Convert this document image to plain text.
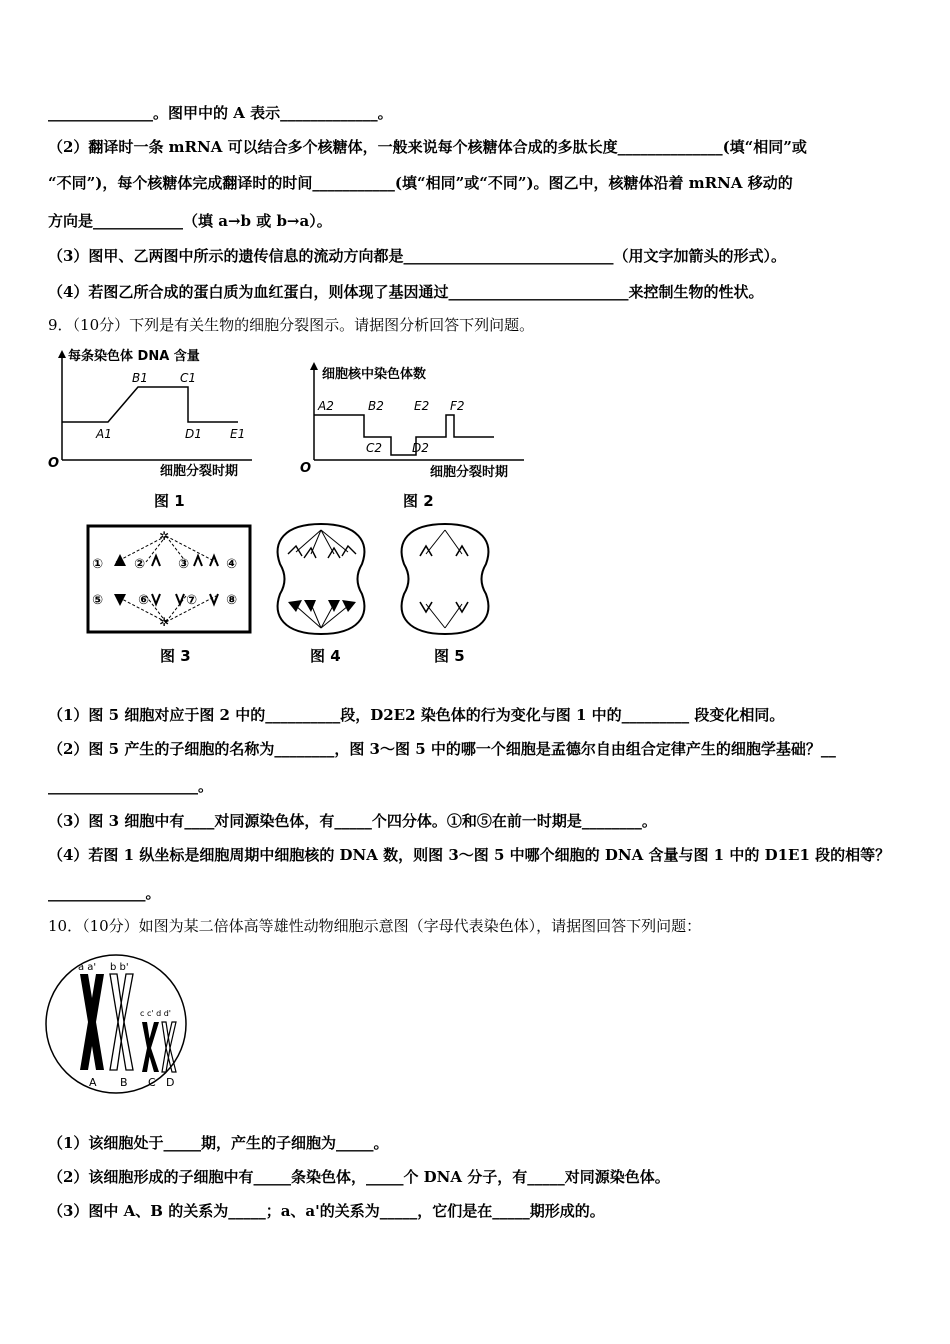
______________。图甲中的 A 表示_____________。
（2）翻译时一条 mRNA 可以结合多个核糖体，一般来说每个核糖体合成的多肽长度______________(填“相同”或
“不同”)，每个核糖体完成翻译时的时间___________(填“相同”或“不同”)。图乙中，核糖体沿着 mRNA 移动的
方向是____________（填 a→b 或 b→a）。
（3）图甲、乙两图中所示的遗传信息的流动方向都是____________________________（用文字加箭头的形式）。
（4）若图乙所合成的蛋白质为血红蛋白，则体现了基因通过________________________来控制生物的性状。
9．（10分）下列是有关生物的细胞分裂图示。请据图分析回答下列问题。
每条染色体 DNA 含量
O
A1
B1	C1
D1 E1
细胞分裂时期
图 1
细胞核中染色体数
O
A2	B2
C2 D2
E2 F2
细胞分裂时期
图 2
✲
✲
① ②	③	④
⑤	⑥	⑦ ⑧
图 3	图 4	图 5
（1）图 5 细胞对应于图 2 中的__________段，D2E2 染色体的行为变化与图 1 中的_________ 段变化相同。
（2）图 5 产生的子细胞的名称为________，图 3～图 5 中的哪一个细胞是孟德尔自由组合定律产生的细胞学基础？__
____________________。
（3）图 3 细胞中有____对同源染色体，有_____个四分体。①和⑤在前一时期是________。
（4）若图 1 纵坐标是细胞周期中细胞核的 DNA 数，则图 3～图 5 中哪个细胞的 DNA 含量与图 1 中的 D1E1 段的相等？
_____________。
10．（10分）如图为某二倍体高等雄性动物细胞示意图（字母代表染色体），请据图回答下列问题：
a a' b b'
c c' d d'
A B C D
（1）该细胞处于_____期，产生的子细胞为_____。
（2）该细胞形成的子细胞中有_____条染色体，_____个 DNA 分子，有_____对同源染色体。
（3）图中 A、B 的关系为_____；a、a'的关系为_____，它们是在_____期形成的。
